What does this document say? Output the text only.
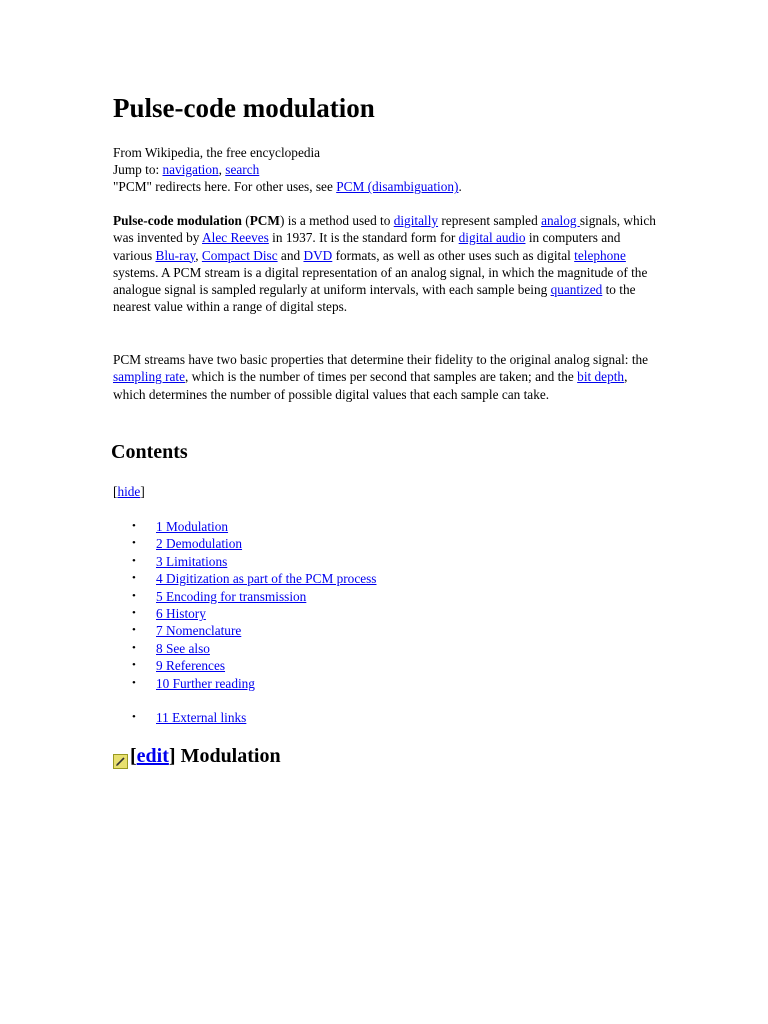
Pulse-code modulation
From Wikipedia, the free encyclopedia
Jump to: navigation, search
"PCM" redirects here. For other uses, see PCM (disambiguation).

Pulse-code modulation (PCM) is a method used to digitally represent sampled analog signals, which was invented by Alec Reeves in 1937. It is the standard form for digital audio in computers and various Blu-ray, Compact Disc and DVD formats, as well as other uses such as digital telephone systems. A PCM stream is a digital representation of an analog signal, in which the magnitude of the analogue signal is sampled regularly at uniform intervals, with each sample being quantized to the nearest value within a range of digital steps.

PCM streams have two basic properties that determine their fidelity to the original analog signal: the sampling rate, which is the number of times per second that samples are taken; and the bit depth, which determines the number of possible digital values that each sample can take.

Contents
[hide]
• 1 Modulation
• 2 Demodulation
• 3 Limitations
• 4 Digitization as part of the PCM process
• 5 Encoding for transmission
• 6 History
• 7 Nomenclature
• 8 See also
• 9 References
• 10 Further reading
• 11 External links
[ edit ] Modulation
